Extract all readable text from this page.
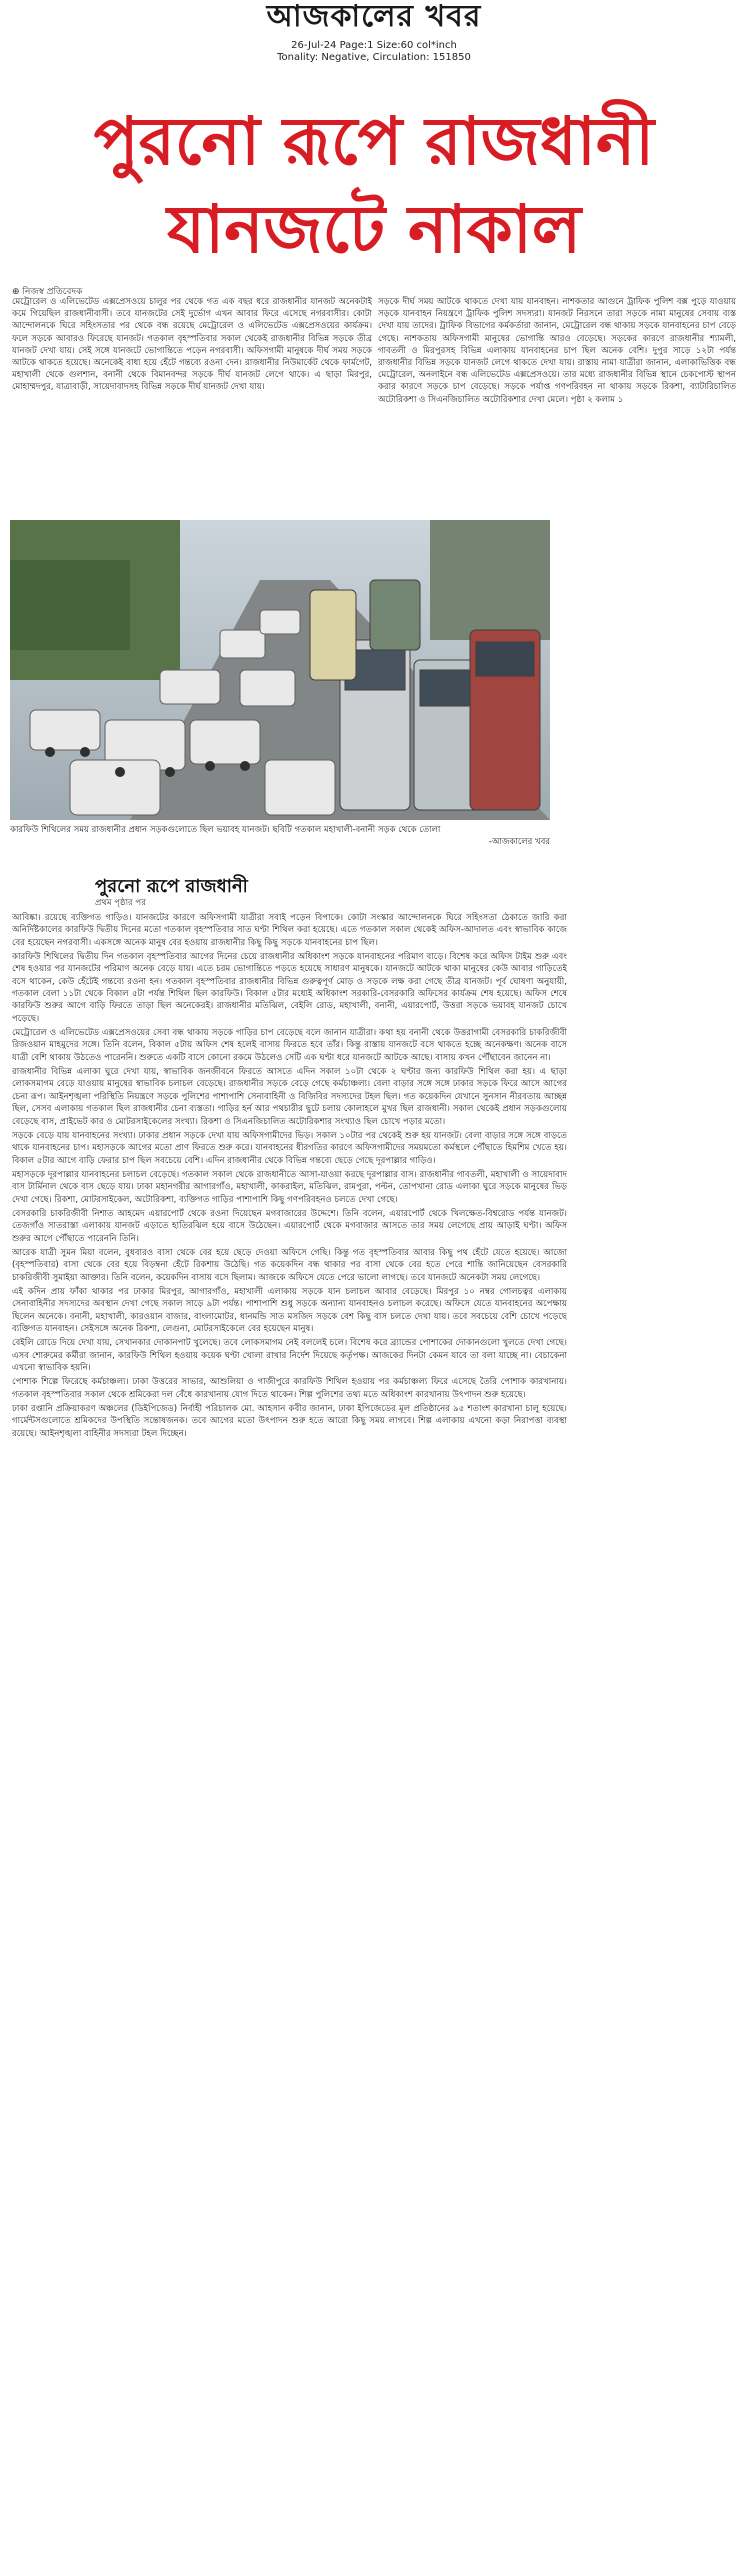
আজকালের খবর
26-Jul-24 Page:1 Size:60 col*inch
Tonality: Negative, Circulation: 151850
পুরনো রূপে রাজধানী
যানজটে নাকাল
⊕ নিজস্ব প্রতিবেদক

মেট্রোরেল ও এলিভেটেড এক্সপ্রেসওয়ে চালুর পর থেকে গত এক বছর ধরে রাজধানীর যানজট অনেকটাই কমে গিয়েছিল রাজধানীবাসী। তবে যানজটের সেই দুর্ভোগ এখন আবার ফিরে এসেছে নগরবাসীর। কোটা আন্দোলনকে ঘিরে সহিংসতার পর থেকে বন্ধ রয়েছে মেট্রোরেল ও এলিভেটেড এক্সপ্রেসওয়ের কার্যক্রম। ফলে সড়কে আবারও ফিরেছে যানজট। গতকাল বৃহস্পতিবার সকাল থেকেই রাজধানীর বিভিন্ন সড়কে তীব্র যানজট দেখা যায়। সেই সঙ্গে যানজটে ভোগান্তিতে পড়েন নগরবাসী। অফিসগামী মানুষকে দীর্ঘ সময় সড়কে আটকে থাকতে হয়েছে। অনেকেই বাধ্য হয়ে হেঁটে গন্তব্যে রওনা দেন। রাজধানীর নিউমার্কেট থেকে ফার্মগেট, মহাখালী থেকে গুলশান, বনানী থেকে বিমানবন্দর সড়কে দীর্ঘ যানজট লেগে থাকে। এ ছাড়া মিরপুর, মোহাম্মদপুর, যাত্রাবাড়ী, সায়েদাবাদসহ বিভিন্ন সড়কে দীর্ঘ যানজট দেখা যায়।

সড়কে দীর্ঘ সময় আটকে থাকতে দেখা যায় যানবাহন। নাশকতার আগুনে ট্রাফিক পুলিশ বক্স পুড়ে যাওয়ায় সড়কে যানবাহন নিয়ন্ত্রণে ট্রাফিক পুলিশ সদস্যরা। যানজট নিরসনে তারা সড়কে নামা মানুষের সেবায় ব্যস্ত দেখা যায় তাদের। ট্রাফিক বিভাগের কর্মকর্তারা জানান, মেট্রোরেল বন্ধ থাকায় সড়কে যানবাহনের চাপ বেড়ে গেছে। নাশকতায় অফিসগামী মানুষের ভোগান্তি আরও বেড়েছে। সড়কের কারণে রাজধানীর শ্যামলী, গাবতলী ও মিরপুরসহ বিভিন্ন এলাকায় যানবাহনের চাপ ছিল অনেক বেশি। দুপুর সাড়ে ১২টা পর্যন্ত রাজধানীর বিভিন্ন সড়কে যানজট লেগে থাকতে দেখা যায়। রাস্তায় নামা যাত্রীরা জানান, এলাকাভিত্তিক বন্ধ মেট্রোরেল, অনলাইনে বন্ধ এলিভেটেড এক্সপ্রেসওয়ে। তার মধ্যে রাজধানীর বিভিন্ন স্থানে চেকপোস্ট স্থাপন করার কারণে সড়কে চাপ বেড়েছে। সড়কে পর্যাপ্ত গণপরিবহন না থাকায় সড়কে রিকশা, ব্যাটারিচালিত অটোরিকশা ও সিএনজিচালিত অটোরিকশার দেখা মেলে। পৃষ্ঠা ২ কলাম ১

কারফিউ শিথিলের সময় রাজধানীর প্রধান সড়কগুলোতে ছিল ভয়াবহ যানজট। ছবিটি গতকাল মহাখালী-বনানী সড়ক থেকে তোলা
-আজকালের খবর
পুরনো রূপে রাজধানী
প্রথম পৃষ্ঠার পর

আবিষ্কা। রয়েছে ব্যক্তিগত গাড়িও। যানজটের কারণে অফিসগামী যাত্রীরা সবাই পড়েন বিপাকে। কোটা সংস্কার আন্দোলনকে ঘিরে সহিংসতা ঠেকাতে জারি করা অনির্দিষ্টকালের কারফিউ দ্বিতীয় দিনের মতো গতকাল বৃহস্পতিবার সাত ঘণ্টা শিথিল করা হয়েছে। এতে গতকাল সকাল থেকেই অফিস-আদালত এবং স্বাভাবিক কাজে বের হয়েছেন নগরবাসী। একসঙ্গে অনেক মানুষ বের হওয়ায় রাজধানীর কিছু কিছু সড়কে যানবাহনের চাপ ছিল।

কারফিউ শিথিলের দ্বিতীয় দিন গতকাল বৃহস্পতিবার আগের দিনের চেয়ে রাজধানীর অধিকাংশ সড়কে যানবাহনের পরিমাণ বাড়ে। বিশেষ করে অফিস টাইম শুরু এবং শেষ হওয়ার পর যানজটের পরিমাণ অনেক বেড়ে যায়। এতে চরম ভোগান্তিতে পড়তে হয়েছে সাধারণ মানুষকে। যানজটে আটকে থাকা মানুষের কেউ আবার গাড়িতেই বসে থাকেন, কেউ হেঁটেই গন্তব্যে রওনা হন। গতকাল বৃহস্পতিবার রাজধানীর বিভিন্ন গুরুত্বপূর্ণ মোড় ও সড়কে লক্ষ করা গেছে তীব্র যানজট। পূর্ব ঘোষণা অনুযায়ী, গতকাল বেলা ১১টা থেকে বিকাল ৫টা পর্যন্ত শিথিল ছিল কারফিউ। বিকাল ৫টার মধ্যেই অধিকাংশ সরকারি-বেসরকারি অফিসের কার্যক্রম শেষ হয়েছে। অফিস শেষে কারফিউ শুরুর আগে বাড়ি ফিরতে তাড়া ছিল অনেকেরই। রাজধানীর মতিঝিল, বেইলি রোড, মহাখালী, বনানী, এয়ারপোর্ট, উত্তরা সড়কে ভয়াবহ যানজট চোখে পড়েছে।

মেট্রোরেল ও এলিভেটেড এক্সপ্রেসওয়ের সেবা বন্ধ থাকায় সড়কে গাড়ির চাপ বেড়েছে বলে জানান যাত্রীরা। কথা হয় বনানী থেকে উত্তরাগামী বেসরকারি চাকরিজীবী রিজওয়ান মাহমুদের সঙ্গে। তিনি বলেন, বিকাল ৫টায় অফিস শেষ হলেই বাসায় ফিরতে হবে তাঁর। কিন্তু রাস্তায় যানজটে বসে থাকতে হচ্ছে অনেকক্ষণ। অনেক বাসে যাত্রী বেশি থাকায় উঠতেও পারেননি। শুরুতে একটি বাসে কোনো রকমে উঠলেও সেটি এক ঘণ্টা ধরে যানজটে আটকে আছে। বাসায় কখন পৌঁছাবেন জানেন না।

রাজধানীর বিভিন্ন এলাকা ঘুরে দেখা যায়, স্বাভাবিক জনজীবনে ফিরতে আসতে এদিন সকাল ১০টা থেকে ২ ঘণ্টার জন্য কারফিউ শিথিল করা হয়। এ ছাড়া লোকসমাগম বেড়ে যাওয়ায় মানুষের স্বাভাবিক চলাচল বেড়েছে। রাজধানীর সড়কে বেড়ে গেছে কর্মচাঞ্চল্য। বেলা বাড়ার সঙ্গে সঙ্গে ঢাকার সড়কে ফিরে আসে আগের চেনা রূপ। আইনশৃঙ্খলা পরিস্থিতি নিয়ন্ত্রণে সড়কে পুলিশের পাশাপাশি সেনাবাহিনী ও বিজিবির সদস্যদের টহল ছিল। গত কয়েকদিন যেখানে সুনসান নীরবতায় আচ্ছন্ন ছিল, সেসব এলাকায় গতকাল ছিল রাজধানীর চেনা ব্যস্ততা। গাড়ির হর্ন আর পথচারীর ছুটে চলায় কোলাহলে মুখর ছিল রাজধানী। সকাল থেকেই প্রধান সড়কগুলোয় বেড়েছে বাস, প্রাইভেট কার ও মোটরসাইকেলের সংখ্যা। রিকশা ও সিএনজিচালিত অটোরিকশার সংখ্যাও ছিল চোখে পড়ার মতো।

সড়কে বেড়ে যায় যানবাহনের সংখ্যা। ঢাকার প্রধান সড়কে দেখা যায় অফিসগামীদের ভিড়। সকাল ১০টার পর থেকেই শুরু হয় যানজট। বেলা বাড়ার সঙ্গে সঙ্গে বাড়তে থাকে যানবাহনের চাপ। মহাসড়কে আগের মতো প্রাণ ফিরতে শুরু করে। যানবাহনের ধীরগতির কারণে অফিসগামীদের সময়মতো কর্মস্থলে পৌঁছাতে হিমশিম খেতে হয়। বিকাল ৫টার আগে বাড়ি ফেরার চাপ ছিল সবচেয়ে বেশি। এদিন রাজধানীর থেকে বিভিন্ন গন্তব্যে ছেড়ে গেছে দূরপাল্লার গাড়িও।

মহাসড়কে দূরপাল্লার যানবাহনের চলাচল বেড়েছে। গতকাল সকাল থেকে রাজধানীতে আসা-যাওয়া করছে দূরপাল্লার বাস। রাজধানীর গাবতলী, মহাখালী ও সায়েদাবাদ বাস টার্মিনাল থেকে বাস ছেড়ে যায়। ঢাকা মহানগরীর আগারগাঁও, মহাখালী, কাকরাইল, মতিঝিল, রামপুরা, পল্টন, তোপখানা রোড এলাকা ঘুরে সড়কে মানুষের ভিড় দেখা গেছে। রিকশা, মোটরসাইকেল, অটোরিকশা, ব্যক্তিগত গাড়ির পাশাপাশি কিছু গণপরিবহনও চলতে দেখা গেছে।

বেসরকারি চাকরিজীবী নিশাত আহমেদ এয়ারপোর্ট থেকে রওনা দিয়েছেন মগবাজারের উদ্দেশে। তিনি বলেন, এয়ারপোর্ট থেকে খিলক্ষেত-বিশ্বরোড পর্যন্ত যানজট। তেজগাঁও সাতরাস্তা এলাকায় যানজট এড়াতে হাতিরঝিল হয়ে বাসে উঠেছেন। এয়ারপোর্ট থেকে মগবাজার আসতে তার সময় লেগেছে প্রায় আড়াই ঘণ্টা। অফিস শুরুর আগে পৌঁছাতে পারেননি তিনি।

আরেক যাত্রী সুমন মিয়া বলেন, বুধবারও বাসা থেকে বের হয়ে ছেড়ে দেওয়া অফিসে গেছি। কিন্তু গত বৃহস্পতিবার আবার কিছু পথ হেঁটে যেতে হয়েছে। আজো (বৃহস্পতিবার) বাসা থেকে বের হয়ে বিড়ম্বনা হেঁটে রিকশায় উঠেছি। গত কয়েকদিন বন্ধ থাকার পর বাসা থেকে বের হতে পেরে শান্তি জানিয়েছেন বেসরকারি চাকরিজীবী সুমাইয়া আক্তার। তিনি বলেন, কয়েকদিন বাসায় বসে ছিলাম। আজকে অফিসে যেতে পেরে ভালো লাগছে। তবে যানজটে অনেকটা সময় লেগেছে।

এই কদিন প্রায় ফাঁকা থাকার পর ঢাকার মিরপুর, আগারগাঁও, মহাখালী এলাকায় সড়কে যান চলাচল আবার বেড়েছে। মিরপুর ১০ নম্বর গোলচত্বর এলাকায় সেনাবাহিনীর সদস্যদের অবস্থান দেখা গেছে সকাল সাড়ে ৯টা পর্যন্ত। পাশাপাশি শুধু সড়কে অন্যান্য যানবাহনও চলাচল করেছে। অফিসে যেতে যানবাহনের অপেক্ষায় ছিলেন অনেকে। বনানী, মহাখালী, কারওয়ান বাজার, বাংলামোটর, ধানমন্ডি সাত মসজিদ সড়কে বেশ কিছু বাস চলতে দেখা যায়। তবে সবচেয়ে বেশি চোখে পড়েছে ব্যক্তিগত যানবাহন। সেইসঙ্গে অনেক রিকশা, লেগুনা, মোটরসাইকেলে বের হয়েছেন মানুষ।

বেইলি রোডে দিয়ে দেখা যায়, সেখানকার দোকানপাট খুলেছে। তবে লোকসমাগম নেই বললেই চলে। বিশেষ করে ব্র্যান্ডের পোশাকের দোকানগুলো খুলতে দেখা গেছে। এসব শোরুমের কর্মীরা জানান, কারফিউ শিথিল হওয়ায় কয়েক ঘণ্টা খোলা রাখার নির্দেশ দিয়েছে কর্তৃপক্ষ। আজকের দিনটা কেমন যাবে তা বলা যাচ্ছে না। বেচাকেনা এখনো স্বাভাবিক হয়নি।

পোশাক শিল্পে ফিরেছে কর্মচাঞ্চল্য। ঢাকা উত্তরের সাভার, আশুলিয়া ও গাজীপুরে কারফিউ শিথিল হওয়ায় পর কর্মচাঞ্চল্য ফিরে এসেছে তৈরি পোশাক কারখানায়। গতকাল বৃহস্পতিবার সকাল থেকে শ্রমিকেরা দল বেঁধে কারখানায় যোগ দিতে থাকেন। শিল্প পুলিশের তথ্য মতে অধিকাংশ কারখানায় উৎপাদন শুরু হয়েছে।

ঢাকা রপ্তানি প্রক্রিয়াকরণ অঞ্চলের (ডিইপিজেড) নির্বাহী পরিচালক মো. আহসান কবীর জানান, ঢাকা ইপিজেডের মূল প্রতিষ্ঠানের ৯৫ শতাংশ কারখানা চালু হয়েছে। গার্মেন্টসগুলোতে শ্রমিকদের উপস্থিতি সন্তোষজনক। তবে আগের মতো উৎপাদন শুরু হতে আরো কিছু সময় লাগবে। শিল্প এলাকায় এখনো কড়া নিরাপত্তা ব্যবস্থা রয়েছে। আইনশৃঙ্খলা বাহিনীর সদস্যরা টহল দিচ্ছেন।
